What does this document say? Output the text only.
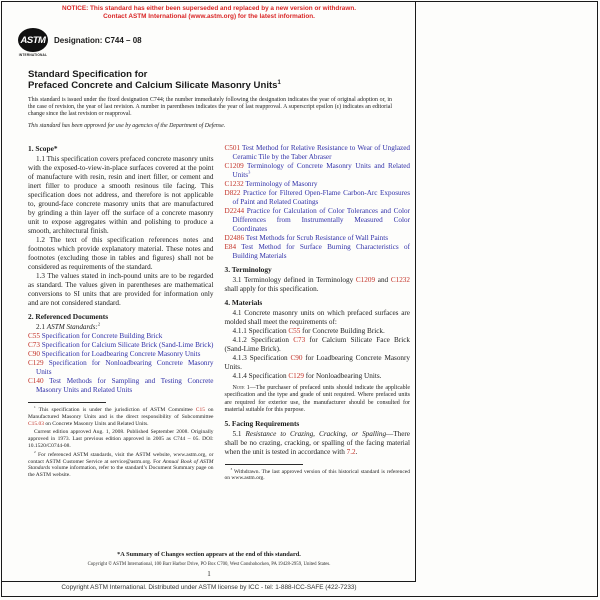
NOTICE: This standard has either been superseded and replaced by a new version or withdrawn.
Contact ASTM International (www.astm.org) for the latest information.
ASTM
INTERNATIONAL
Designation: C744 – 08
Standard Specification for
Prefaced Concrete and Calcium Silicate Masonry Units$^1$
This standard is issued under the fixed designation C744; the number immediately following the designation indicates the year of original adoption or, in the case of revision, the year of last revision. A number in parentheses indicates the year of last reapproval. A superscript epsilon (ε) indicates an editorial change since the last revision or reapproval.
This standard has been approved for use by agencies of the Department of Defense.
1. Scope*

1.1 This specification covers prefaced concrete masonry units with the exposed-to-view-in-place surfaces covered at the point of manufacture with resin, resin and inert filler, or cement and inert filler to produce a smooth resinous tile facing. This specification does not address, and therefore is not applicable to, ground-face concrete masonry units that are manufactured by grinding a thin layer off the surface of a concrete masonry unit to expose aggregates within and polishing to produce a smooth, architectural finish.

1.2 The text of this specification references notes and footnotes which provide explanatory material. These notes and footnotes (excluding those in tables and figures) shall not be considered as requirements of the standard.

1.3 The values stated in inch-pound units are to be regarded as standard. The values given in parentheses are mathematical conversions to SI units that are provided for information only and are not considered standard.

2. Referenced Documents

2.1 ASTM Standards:$^2$

C55 Specification for Concrete Building Brick
C73 Specification for Calcium Silicate Brick (Sand-Lime Brick)
C90 Specification for Loadbearing Concrete Masonry Units
C129 Specification for Nonloadbearing Concrete Masonry Units
C140 Test Methods for Sampling and Testing Concrete Masonry Units and Related Units

$^1$ This specification is under the jurisdiction of ASTM Committee C15 on Manufactured Masonry Units and is the direct responsibility of Subcommittee C15.03 on Concrete Masonry Units and Related Units.

Current edition approved Aug. 1, 2008. Published September 2008. Originally approved in 1973. Last previous edition approved in 2005 as C744 – 05. DOI: 10.1520/C0744-08.

$^2$ For referenced ASTM standards, visit the ASTM website, www.astm.org, or contact ASTM Customer Service at service@astm.org. For Annual Book of ASTM Standards volume information, refer to the standard’s Document Summary page on the ASTM website.

C501 Test Method for Relative Resistance to Wear of Unglazed Ceramic Tile by the Taber Abraser
C1209 Terminology of Concrete Masonry Units and Related Units$^3$
C1232 Terminology of Masonry
D822 Practice for Filtered Open-Flame Carbon-Arc Exposures of Paint and Related Coatings
D2244 Practice for Calculation of Color Tolerances and Color Differences from Instrumentally Measured Color Coordinates
D2486 Test Methods for Scrub Resistance of Wall Paints
E84 Test Method for Surface Burning Characteristics of Building Materials
3. Terminology

3.1 Terminology defined in Terminology C1209 and C1232 shall apply for this specification.

4. Materials

4.1 Concrete masonry units on which prefaced surfaces are molded shall meet the requirements of:

4.1.1 Specification C55 for Concrete Building Brick.

4.1.2 Specification C73 for Calcium Silicate Face Brick (Sand-Lime Brick).

4.1.3 Specification C90 for Loadbearing Concrete Masonry Units.

4.1.4 Specification C129 for Nonloadbearing Units.

Note 1—The purchaser of prefaced units should indicate the applicable specification and the type and grade of unit required. Where prefaced units are required for exterior use, the manufacturer should be consulted for material suitable for this purpose.
5. Facing Requirements

5.1 Resistance to Crazing, Cracking, or Spalling—There shall be no crazing, cracking, or spalling of the facing material when the unit is tested in accordance with 7.2.

$^3$ Withdrawn. The last approved version of this historical standard is referenced on www.astm.org.

*A Summary of Changes section appears at the end of this standard.
Copyright © ASTM International, 100 Barr Harbor Drive, PO Box C700, West Conshohocken, PA 19428-2959, United States.
1
Copyright ASTM International. Distributed under ASTM license by ICC - tel: 1-888-ICC-SAFE (422-7233)
